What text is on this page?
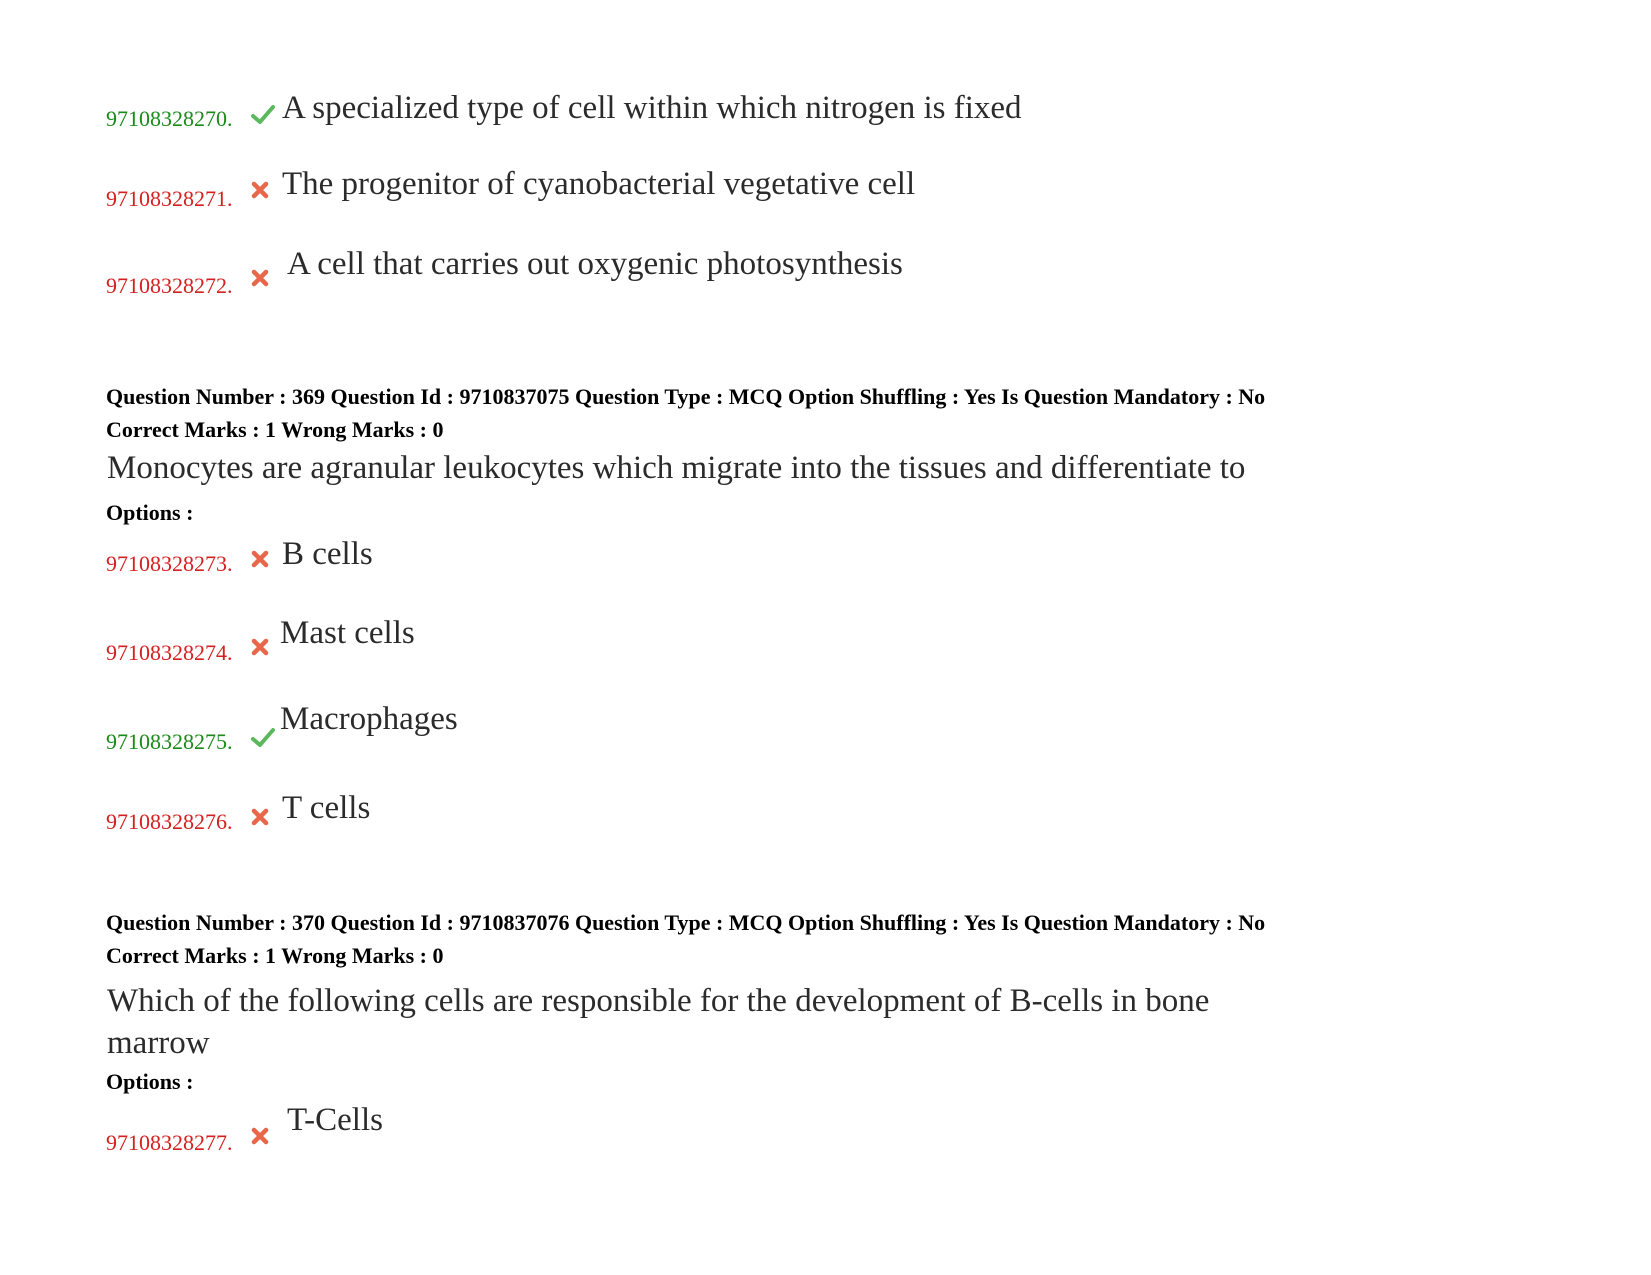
97108328270. A specialized type of cell within which nitrogen is fixed
97108328271. The progenitor of cyanobacterial vegetative cell
97108328272.
A cell that carries out oxygenic photosynthesis
Question Number : 369 Question Id : 9710837075 Question Type : MCQ Option Shuffling : Yes Is Question Mandatory : No
Correct Marks : 1 Wrong Marks : 0
Monocytes are agranular leukocytes which migrate into the tissues and differentiate to
Options :
97108328273. B cells
97108328274.
Mast cells
97108328275.
Macrophages
97108328276. T cells
Question Number : 370 Question Id : 9710837076 Question Type : MCQ Option Shuffling : Yes Is Question Mandatory : No
Correct Marks : 1 Wrong Marks : 0
Which of the following cells are responsible for the development of B-cells in bone
marrow
Options :
97108328277.
T-Cells
